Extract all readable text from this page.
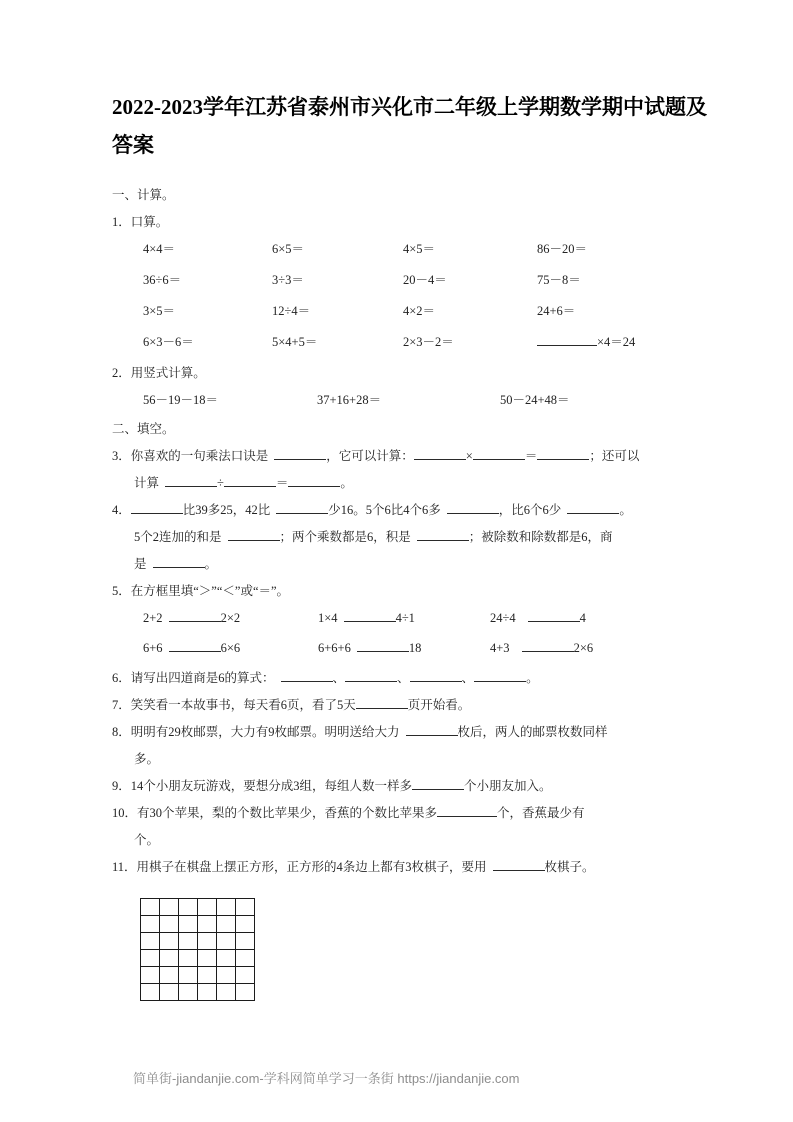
2022-2023学年江苏省泰州市兴化市二年级上学期数学期中试题及答案
一、计算。
1．口算。
4×4＝	6×5＝	4×5＝	86－20＝
36÷6＝	3÷3＝	20－4＝	75－8＝
3×5＝	12÷4＝	4×2＝	24+6＝
6×3－6＝	5×4+5＝	2×3－2＝	×4＝24
2．用竖式计算。
56－19－18＝	37+16+28＝	50－24+48＝
二、填空。
3．你喜欢的一句乘法口诀是	，它可以计算：	×	＝	；还可以
计算	÷	＝	。
4．	比39多25，42比	少16。5个6比4个6多	，比6个6少	。
5个2连加的和是	；两个乘数都是6，积是	；被除数和除数都是6，商
是	。
5．在方框里填“＞”“＜”或“＝”。
2+2	2×2	1×4	4÷1	24÷4	4
6+6	6×6	6+6+6	18	4+3	2×6
6．请写出四道商是6的算式：	、	、	、	。
7．笑笑看一本故事书，每天看6页，看了5天	页开始看。
8．明明有29枚邮票，大力有9枚邮票。明明送给大力	枚后，两人的邮票枚数同样
多。
9．14个小朋友玩游戏，要想分成3组，每组人数一样多	个小朋友加入。
10．有30个苹果，梨的个数比苹果少，香蕉的个数比苹果多	个，香蕉最少有
个。
11．用棋子在棋盘上摆正方形，正方形的4条边上都有3枚棋子，要用	枚棋子。

简单街-jiandanjie.com-学科网简单学习一条街 https://jiandanjie.com
